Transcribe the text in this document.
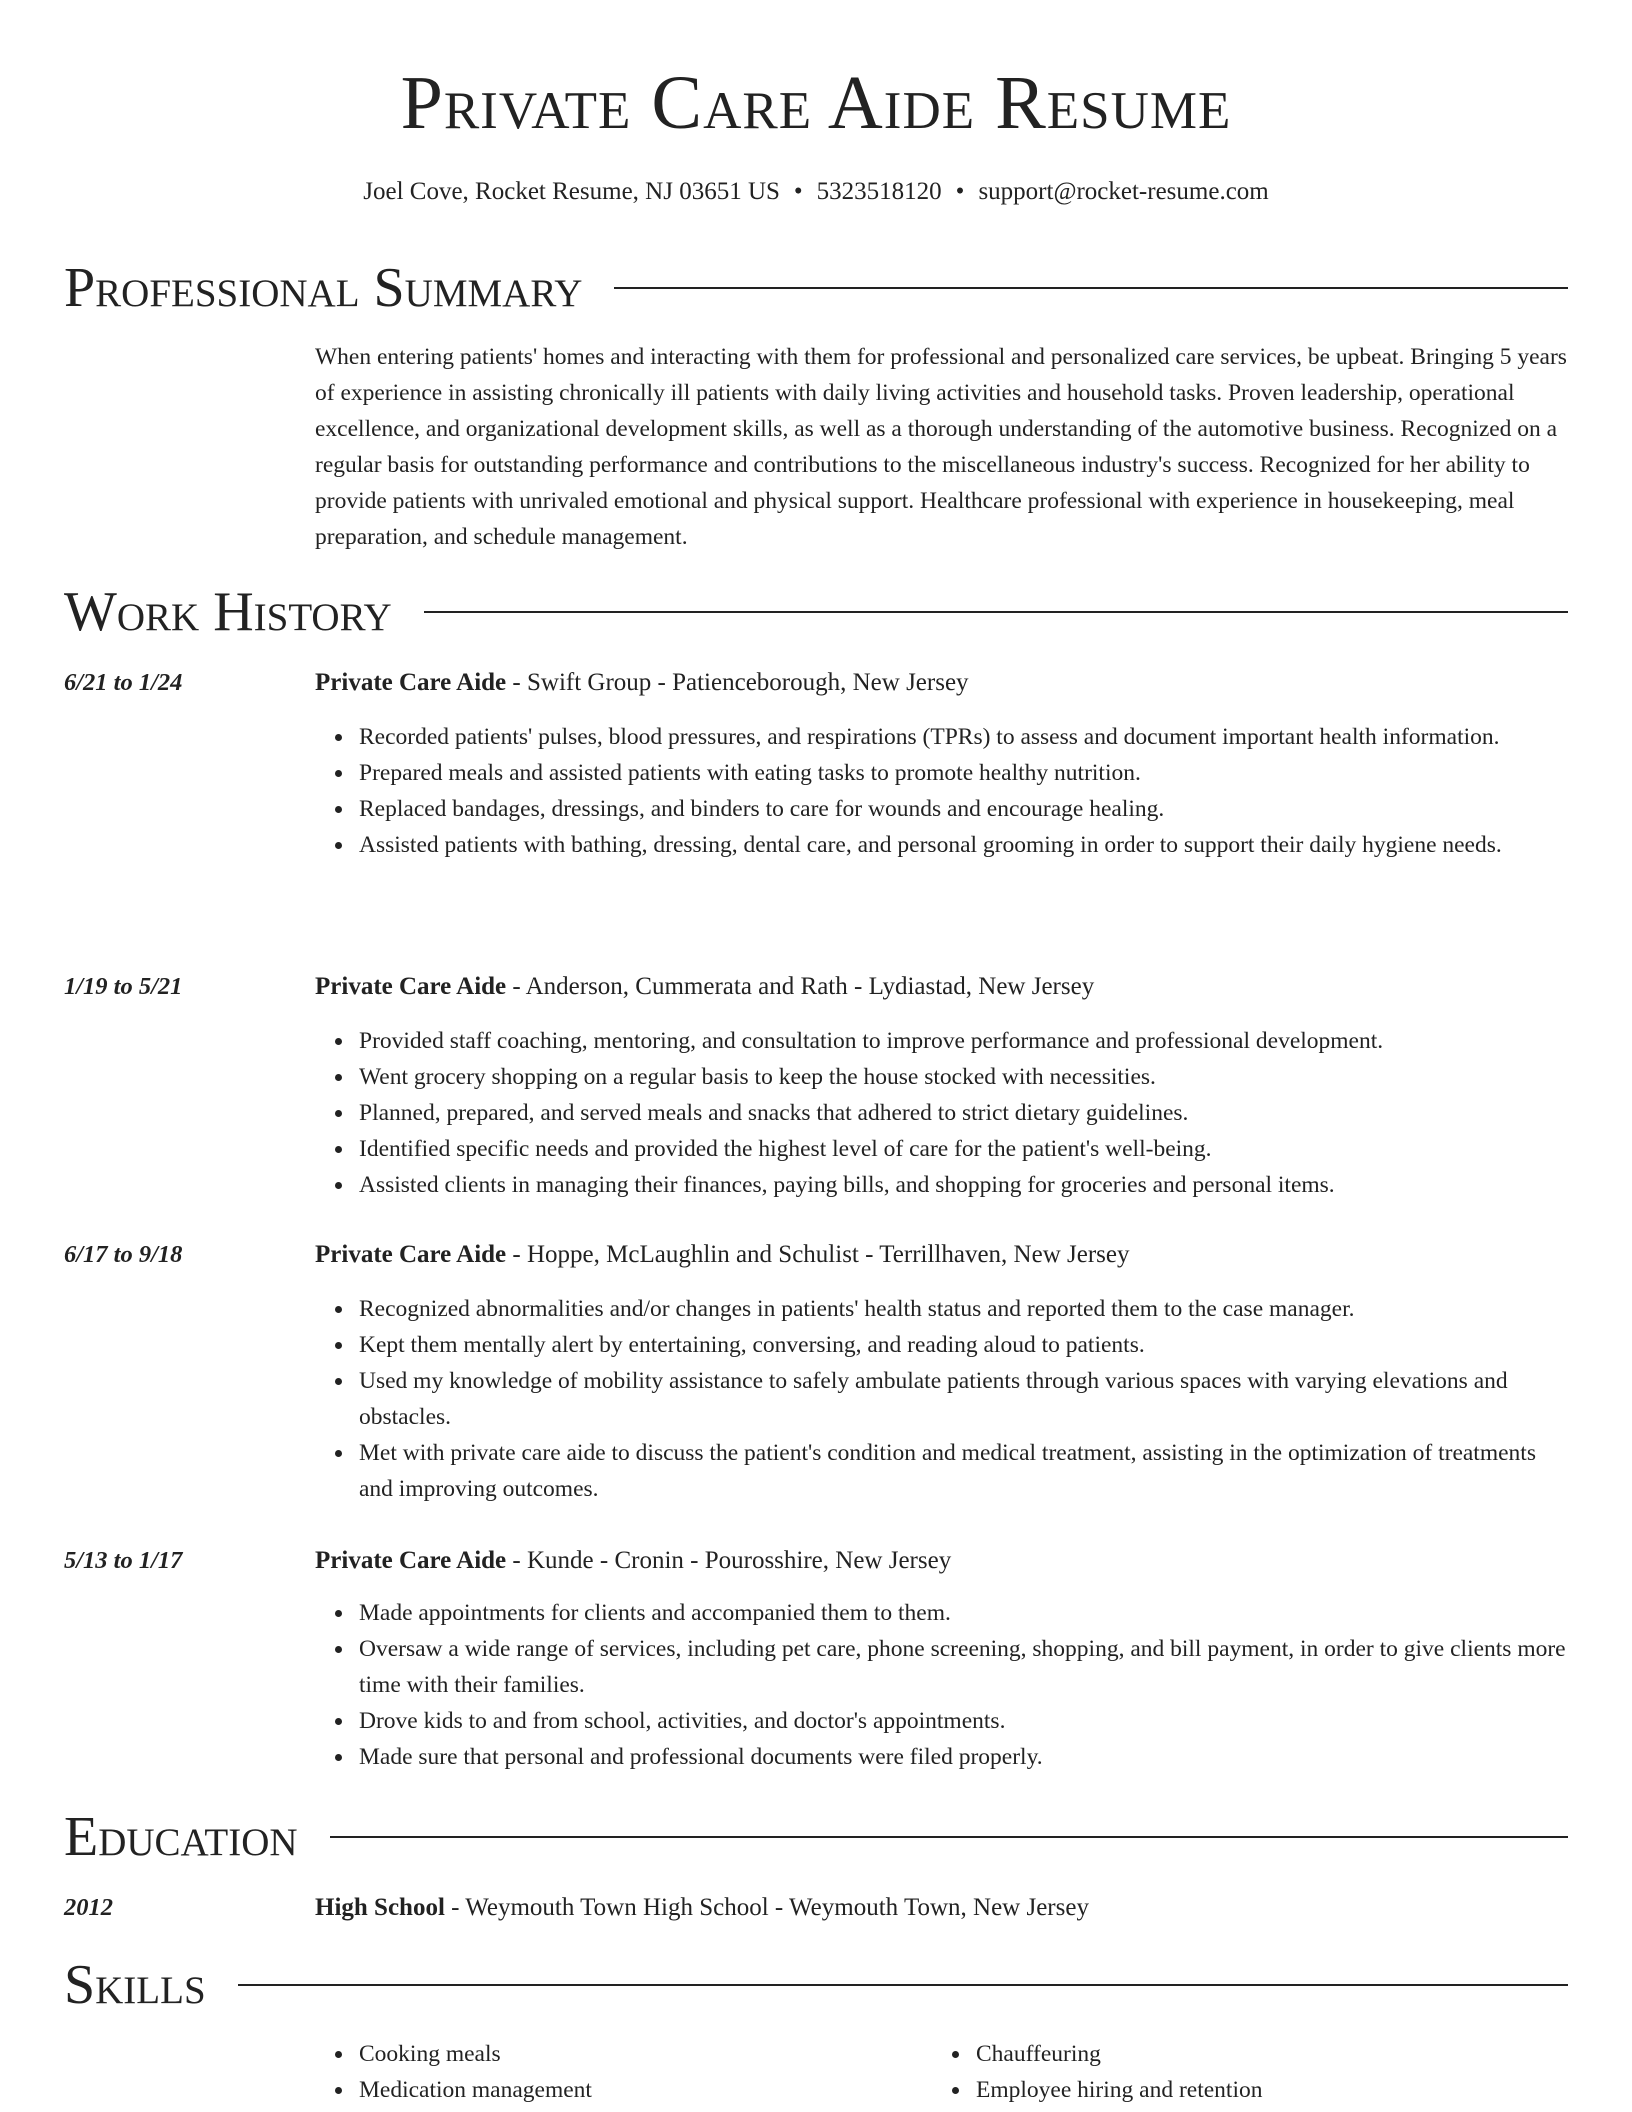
Private Care Aide Resume
Joel Cove, Rocket Resume, NJ 03651 US • 5323518120 • support@rocket-resume.com
Professional Summary
When entering patients' homes and interacting with them for professional and personalized care services, be upbeat. Bringing 5 years of experience in assisting chronically ill patients with daily living activities and household tasks. Proven leadership, operational excellence, and organizational development skills, as well as a thorough understanding of the automotive business. Recognized on a regular basis for outstanding performance and contributions to the miscellaneous industry's success. Recognized for her ability to provide patients with unrivaled emotional and physical support. Healthcare professional with experience in housekeeping, meal preparation, and schedule management.
Work History
6/21 to 1/24	Private Care Aide - Swift Group - Patienceborough, New Jersey
Recorded patients' pulses, blood pressures, and respirations (TPRs) to assess and document important health information.
Prepared meals and assisted patients with eating tasks to promote healthy nutrition.
Replaced bandages, dressings, and binders to care for wounds and encourage healing.
Assisted patients with bathing, dressing, dental care, and personal grooming in order to support their daily hygiene needs.
1/19 to 5/21	Private Care Aide - Anderson, Cummerata and Rath - Lydiastad, New Jersey
Provided staff coaching, mentoring, and consultation to improve performance and professional development.
Went grocery shopping on a regular basis to keep the house stocked with necessities.
Planned, prepared, and served meals and snacks that adhered to strict dietary guidelines.
Identified specific needs and provided the highest level of care for the patient's well-being.
Assisted clients in managing their finances, paying bills, and shopping for groceries and personal items.
6/17 to 9/18	Private Care Aide - Hoppe, McLaughlin and Schulist - Terrillhaven, New Jersey
Recognized abnormalities and/or changes in patients' health status and reported them to the case manager.
Kept them mentally alert by entertaining, conversing, and reading aloud to patients.
Used my knowledge of mobility assistance to safely ambulate patients through various spaces with varying elevations and obstacles.
Met with private care aide to discuss the patient's condition and medical treatment, assisting in the optimization of treatments and improving outcomes.
5/13 to 1/17	Private Care Aide - Kunde - Cronin - Pourosshire, New Jersey
Made appointments for clients and accompanied them to them.
Oversaw a wide range of services, including pet care, phone screening, shopping, and bill payment, in order to give clients more time with their families.
Drove kids to and from school, activities, and doctor's appointments.
Made sure that personal and professional documents were filed properly.
Education
2012	High School - Weymouth Town High School - Weymouth Town, New Jersey
Skills
Cooking meals
Medication management
Chauffeuring
Employee hiring and retention
